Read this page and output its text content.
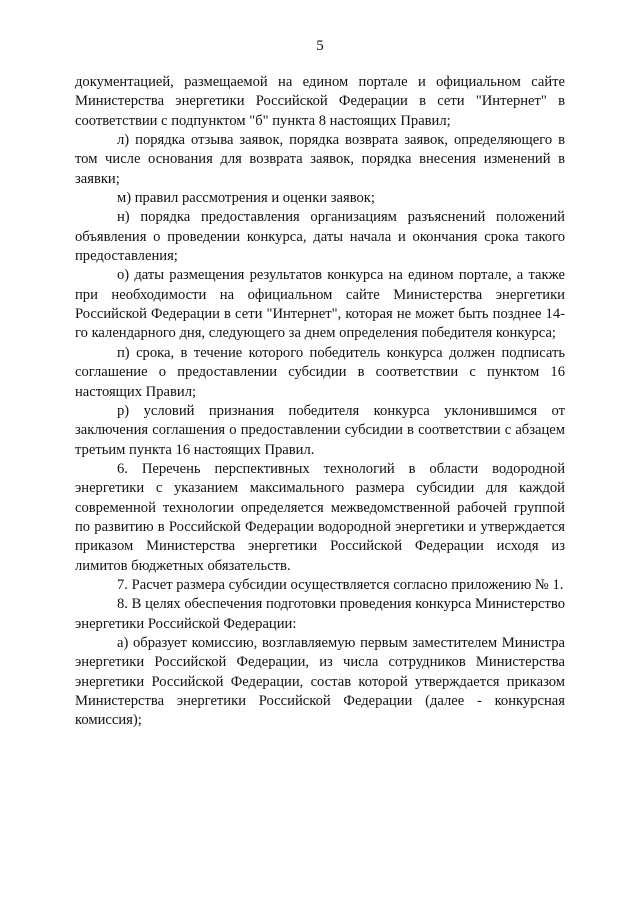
5

документацией, размещаемой на едином портале и официальном сайте Министерства энергетики Российской Федерации в сети "Интернет" в соответствии с подпунктом "б" пункта 8 настоящих Правил;

л) порядка отзыва заявок, порядка возврата заявок, определяющего в том числе основания для возврата заявок, порядка внесения изменений в заявки;

м) правил рассмотрения и оценки заявок;

н) порядка предоставления организациям разъяснений положений объявления о проведении конкурса, даты начала и окончания срока такого предоставления;

о) даты размещения результатов конкурса на едином портале, а также при необходимости на официальном сайте Министерства энергетики Российской Федерации в сети "Интернет", которая не может быть позднее 14-го календарного дня, следующего за днем определения победителя конкурса;

п) срока, в течение которого победитель конкурса должен подписать соглашение о предоставлении субсидии в соответствии с пунктом 16 настоящих Правил;

р) условий признания победителя конкурса уклонившимся от заключения соглашения о предоставлении субсидии в соответствии с абзацем третьим пункта 16 настоящих Правил.

6. Перечень перспективных технологий в области водородной энергетики с указанием максимального размера субсидии для каждой современной технологии определяется межведомственной рабочей группой по развитию в Российской Федерации водородной энергетики и утверждается приказом Министерства энергетики Российской Федерации исходя из лимитов бюджетных обязательств.

7. Расчет размера субсидии осуществляется согласно приложению № 1.

8. В целях обеспечения подготовки проведения конкурса Министерство энергетики Российской Федерации:

а) образует комиссию, возглавляемую первым заместителем Министра энергетики Российской Федерации, из числа сотрудников Министерства энергетики Российской Федерации, состав которой утверждается приказом Министерства энергетики Российской Федерации (далее - конкурсная комиссия);
